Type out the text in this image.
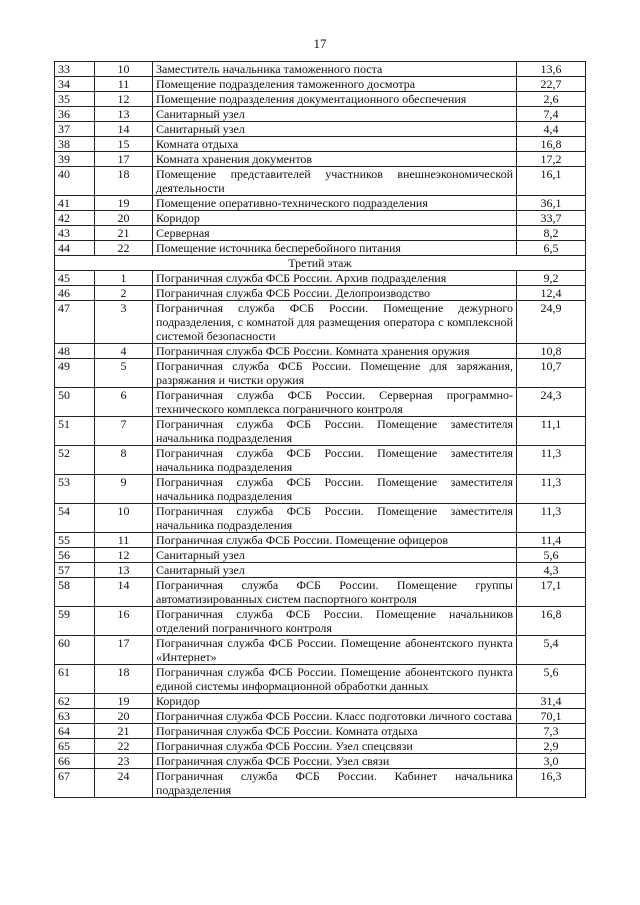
17
33	10	Заместитель начальника таможенного поста	13,6
34	11	Помещение подразделения таможенного досмотра	22,7
35	12	Помещение подразделения документационного обеспечения	2,6
36	13	Санитарный узел	7,4
37	14	Санитарный узел	4,4
38	15	Комната отдыха	16,8
39	17	Комната хранения документов	17,2
40	18	Помещение представителей участников внешнеэкономической деятельности	16,1
41	19	Помещение оперативно-технического подразделения	36,1
42	20	Коридор	33,7
43	21	Серверная	8,2
44	22	Помещение источника бесперебойного питания	6,5
Третий этаж			
45	1	Пограничная служба ФСБ России. Архив подразделения	9,2
46	2	Пограничная служба ФСБ России. Делопроизводство	12,4
47	3	Пограничная служба ФСБ России. Помещение дежурного подразделения, с комнатой для размещения оператора с комплексной системой безопасности	24,9
48	4	Пограничная служба ФСБ России. Комната хранения оружия	10,8
49	5	Пограничная служба ФСБ России. Помещение для заряжания, разряжания и чистки оружия	10,7
50	6	Пограничная служба ФСБ России. Серверная программно-технического комплекса пограничного контроля	24,3
51	7	Пограничная служба ФСБ России. Помещение заместителя начальника подразделения	11,1
52	8	Пограничная служба ФСБ России. Помещение заместителя начальника подразделения	11,3
53	9	Пограничная служба ФСБ России. Помещение заместителя начальника подразделения	11,3
54	10	Пограничная служба ФСБ России. Помещение заместителя начальника подразделения	11,3
55	11	Пограничная служба ФСБ России. Помещение офицеров	11,4
56	12	Санитарный узел	5,6
57	13	Санитарный узел	4,3
58	14	Пограничная служба ФСБ России. Помещение группы автоматизированных систем паспортного контроля	17,1
59	16	Пограничная служба ФСБ России. Помещение начальников отделений пограничного контроля	16,8
60	17	Пограничная служба ФСБ России. Помещение абонентского пункта «Интернет»	5,4
61	18	Пограничная служба ФСБ России. Помещение абонентского пункта единой системы информационной обработки данных	5,6
62	19	Коридор	31,4
63	20	Пограничная служба ФСБ России. Класс подготовки личного состава	70,1
64	21	Пограничная служба ФСБ России. Комната отдыха	7,3
65	22	Пограничная служба ФСБ России. Узел спецсвязи	2,9
66	23	Пограничная служба ФСБ России. Узел связи	3,0
67	24	Пограничная служба ФСБ России. Кабинет начальника подразделения	16,3
